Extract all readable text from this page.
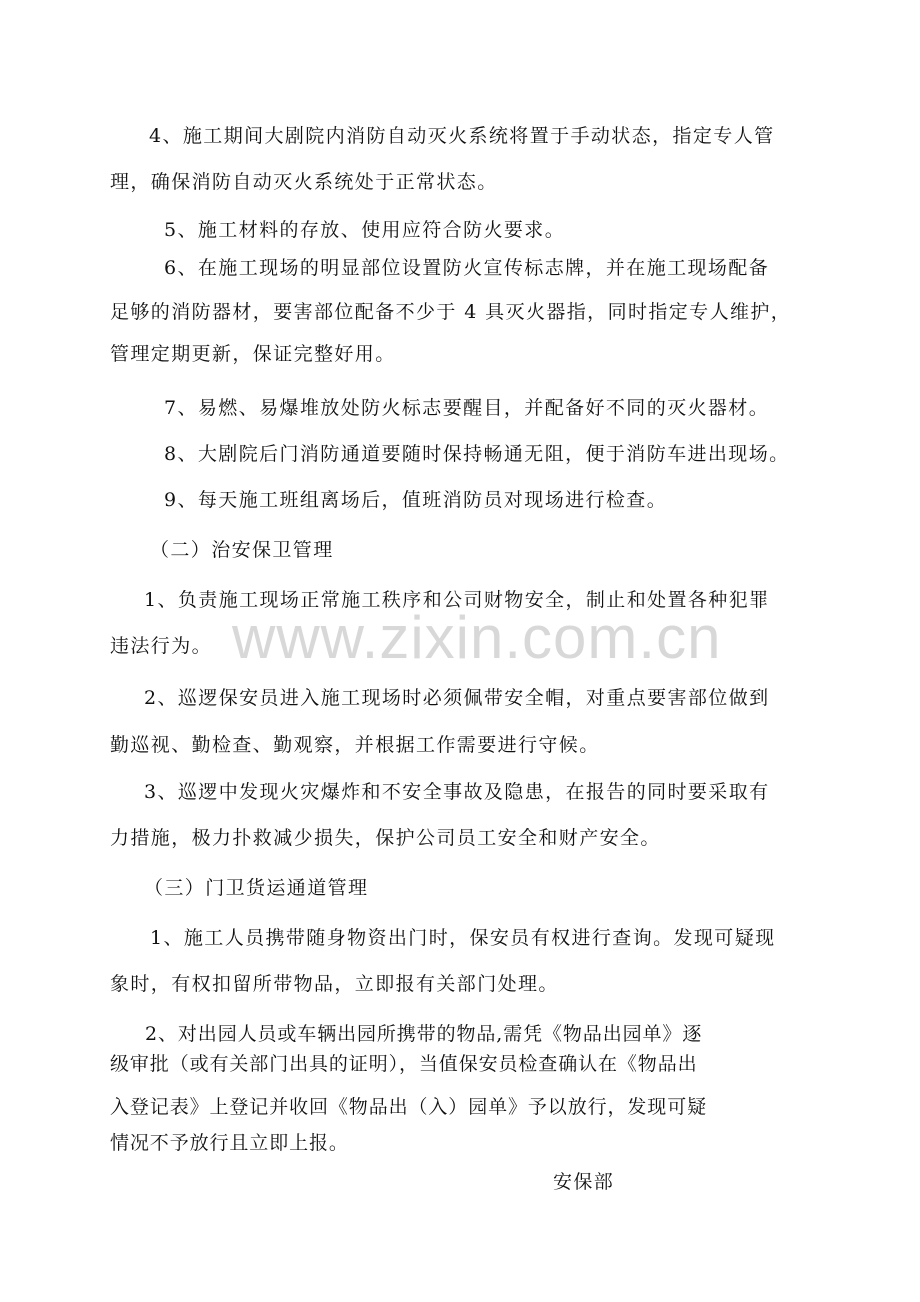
4、施工期间大剧院内消防自动灭火系统将置于手动状态，指定专人管
理，确保消防自动灭火系统处于正常状态。
5、施工材料的存放、使用应符合防火要求。
6、在施工现场的明显部位设置防火宣传标志牌，并在施工现场配备
足够的消防器材，要害部位配备不少于 4 具灭火器指，同时指定专人维护，
管理定期更新，保证完整好用。
7、易燃、易爆堆放处防火标志要醒目，并配备好不同的灭火器材。
8、大剧院后门消防通道要随时保持畅通无阻，便于消防车进出现场。
9、每天施工班组离场后，值班消防员对现场进行检查。
（二）治安保卫管理
1、负责施工现场正常施工秩序和公司财物安全，制止和处置各种犯罪
违法行为。
2、巡逻保安员进入施工现场时必须佩带安全帽，对重点要害部位做到
勤巡视、勤检查、勤观察，并根据工作需要进行守候。
3、巡逻中发现火灾爆炸和不安全事故及隐患，在报告的同时要采取有
力措施，极力扑救减少损失，保护公司员工安全和财产安全。
（三）门卫货运通道管理
1、施工人员携带随身物资出门时，保安员有权进行查询。发现可疑现
象时，有权扣留所带物品，立即报有关部门处理。
2、对出园人员或车辆出园所携带的物品,需凭《物品出园单》逐
级审批（或有关部门出具的证明），当值保安员检查确认在《物品出
入登记表》上登记并收回《物品出（入）园单》予以放行，发现可疑
情况不予放行且立即上报。
安保部
www.zixin.com.cn
